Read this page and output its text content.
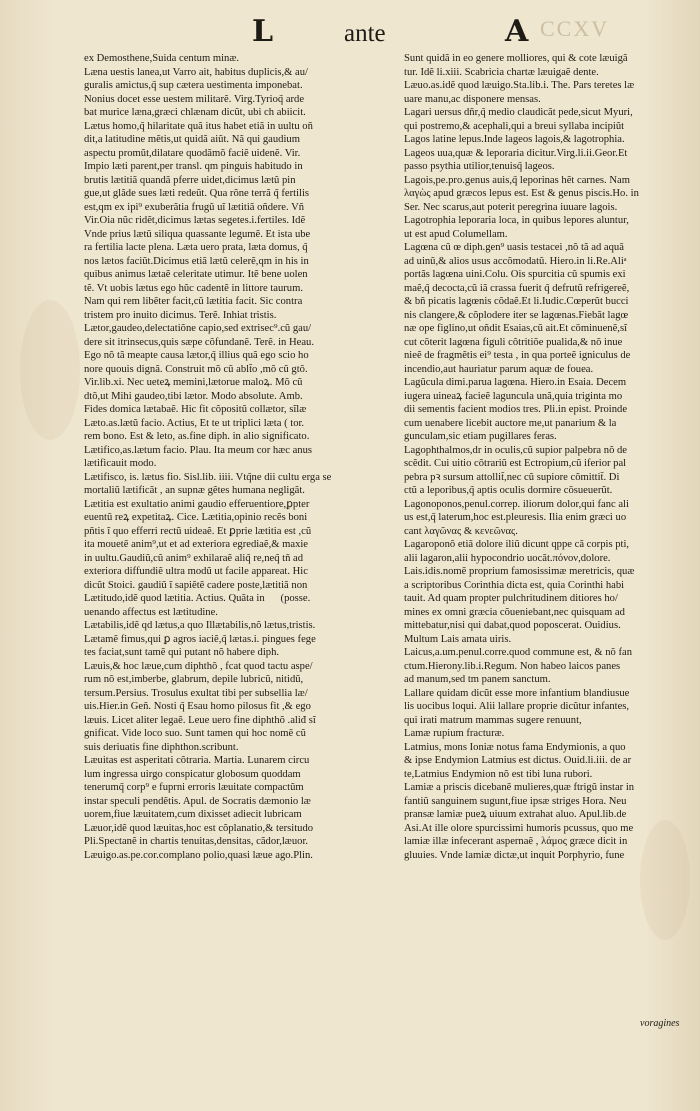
CCXV
L	ante	A
ex Demosthene,Suida centum minæ.
Læna uestis lanea,ut Varro ait, habitus duplicis,& au/
guralis amictus,q̃ sup cætera uestimenta imponebat.
Nonius docet esse uestem militarẽ. Virg.Tyrioq̃ arde
bat murice læna,græci chlænam dicũt, ubi ch abiicit.
Lætus homo,q̃ hilaritate quã itus habet etiã in uultu oñ
dit,a latitudine mẽtis,ut quidã aiũt. Nã qui gaudium
aspectu promũt,dilatare quodãmõ faciẽ uidenẽ. Vir.
Impio læti parent,per transl. qm pinguis habitudo in
brutis lætitiã quandã pferre uidet,dicimus lætũ pin
gue,ut glãde sues læti redeũt. Qua rõne terrã q̃ fertilis
est,qm ex ipi⁹ exuberãtia frugũ uĩ lætitiã oñdere. Vñ
Vir.Oia nũc ridẽt,dicimus lætas segetes.i.fertiles. Idẽ
Vnde prius lætũ siliqua quassante legumẽ. Et ista ube
ra fertilia lacte plena. Læta uero prata, læta domus, q̃
nos lætos faciũt.Dicimus etiã lætũ celerẽ,qm in his in
quibus animus lætaẽ celeritate utimur. Itẽ bene uolen
tẽ. Vt uobis lætus ego hũc cadentẽ in littore taurum.
Nam qui rem libẽter facit,cũ lætitia facit. Sic contra
tristem pro inuito dicimus. Terẽ. Inhiat tristis.
Lætor,gaudeo,delectatiõne capio,sed extrisec⁹.cũ gau/
dere sit itrinsecus,quis sæpe cõfundanẽ. Terẽ. in Heau.
Ego nõ tã meapte causa lætor,q̃ illius quã ego scio ho
nore quouis dignã. Construit mõ cũ ablt̃o ,mõ cũ gtõ.
Vir.lib.xi. Nec ueteꝝ memini,lætorue maloꝝ. Mõ cũ
dtõ,ut Mihi gaudeo,tibi lætor. Modo absolute. Amb.
Fides domica lætabaẽ. Hic fit cõpositũ collætor, sĩlæ
Læto.as.lætũ facio. Actius, Et te ut triplici læta ( tor.
rem bono. Est & leto, as.fine diph. in alio significato.
Lætifico,as.lætum facio. Plau. Ita meum cor hæc anus
lætificauit modo.
Lætifisco, is. lætus fio. Sisl.lib. iiii. Vtq̃ne dii cultu erga se
mortaliũ lætificãt , an supnæ gẽtes humana negligãt.
Lætitia est exultatio animi gaudio efferuentiore,ꝑpter
euentũ reꝝ expetitaꝝ. Cice. Lætitia,opinio recẽs boni
pñtis ĩ quo efferri rectũ uideaẽ. Et ꝑprie lætitia est ,cũ
ita mouetẽ anim⁹,ut et ad exteriora egrediaẽ,& maxie
in uultu.Gaudiũ,cũ anim⁹ exhilaraẽ aliq̃ re,neq̃ tñ ad
exteriora diffundiẽ ultra modũ ut facile appareat. Hic
dicũt Stoici. gaudiũ ĩ sapiẽtẽ cadere poste,lætitiã non
Lætitudo,idẽ quod lætitia. Actius. Quãta in      (posse.
uenando affectus est lætitudine.
Lætabilis,idẽ qd lætus,a quo Illætabilis,nõ lætus,tristis.
Lætamẽ fimus,qui ꝑ agros iaciẽ,q̃ lætas.i. pingues fege
tes faciat,sunt tamẽ qui putant nõ habere diph.
Læuis,& hoc læue,cum diphthõ , fcat quod tactu aspe/
rum nõ est,imberbe, glabrum, depile lubricũ, nitidũ,
tersum.Persius. Trosulus exultat tibi per subsellia læ/
uis.Hier.in Geñ. Nosti q̃ Esau homo pilosus fit ,& ego
læuis. Licet aliter legaẽ. Leue uero fine diphthõ .aliđ sĩ
gnificat. Vide loco suo. Sunt tamen qui hoc nomẽ cũ
suis deriuatis fine diphthon.scribunt.
Læuitas est asperitati cõtraria. Martia. Lunarem circu
lum ingressa uirgo conspicatur globosum quoddam
tenerumq̃ corp⁹ e fuprni erroris læuitate compactũm
instar speculi pendẽtis. Apul. de Socratis dæmonio læ
uorem,fiue læuitatem,cum dixisset adiecit lubricam
Læuor,idẽ quod læuitas,hoc est cõplanatio,& tersitudo
Pli.Spectanẽ in chartis tenuitas,densitas, cãdor,læuor.
Læuigo.as.pe.cor.complano polio,quasi læue ago.Plin.
Sunt quidã in eo genere molliores, qui & cote læuigã
tur. Idẽ li.xiii. Scabricia chartæ læuigaẽ dente.
Læuo.as.idẽ quod læuigo.Sta.lib.i. The. Pars teretes læ
uare manu,ac disponere mensas.
Lagari uersus dñr,q̃ medio claudicãt pede,sicut Myuri,
qui postremo,& acephali,qui a breui syllaba incipiũt
Lagos latine lepus.Inde lageos lagois,& lagotrophia.
Lageos uua,quæ & leporaria dicitur.Virg.li.ii.Geor.Et
passo psythia utilior,tenuisq̃ lageos.
Lagois,pe.pro.genus auis,q̃ leporinas hẽt carnes. Nam
λαγὼς apud græcos lepus est. Est & genus piscis.Ho. in
Ser. Nec scarus,aut poterit peregrina iuuare lagois.
Lagotrophia leporaria loca, in quibus lepores aluntur,
ut est apud Columellam.
Lagœna cũ œ diph.gen⁹ uasis testacei ,nõ tã ad aquã
ad uinũ,& alios usus accõmodatũ. Hiero.in li.Re.Aliᵃ
portãs lagœna uini.Colu. Ois spurcitia cũ spumis exi
maẽ,q̃ decocta,cũ iã crassa fuerit q̃ defrutũ refrigereẽ,
& bñ picatis lagœnis cõdaẽ.Et li.Iudic.Cœperũt bucci
nis clangere,& cõplodere iter se lagœnas.Fiebãt lagœ
næ ope figlino,ut oñdit Esaias,cũ ait.Et cõminuenẽ,sĩ
cut cõterit lagœna figuli cõtritiõe pualida,& nõ inue
nieẽ de fragmẽtis ei⁹ testa , in qua porteẽ igniculus de
incendio,aut hauriatur parum aquæ de fouea.
Lagũcula dimi.parua lagœna. Hiero.in Esaia. Decem
iugera uineaꝝ facieẽ laguncula unã,quia triginta mo
dii sementis facient modios tres. Pli.in epist. Proinde
cum uenabere licebit auctore me,ut panarium & la
gunculam,sic etiam pugillares feras.
Lagophthalmos,dr in oculis,cũ supior palpebra nõ de
scẽdit. Cui uitio cõtrariũ est Ectropium,cũ iferior pal
pebra pꝛ sursum attollit̃,nec cũ supiore cõmittit̃. Di
ctũ a leporibus,q̃ aptis oculis dormire cõsueuerũt.
Lagonoponos,penul.correp. iliorum dolor,qui fanc ali
us est,q̃ laterum,hoc est.pleuresis. Ilia enim græci uo
cant λαγῶνας & κενεῶνας.
Lagaroponõ etiã dolore iliũ dicunt qppe cã corpis pti,
alii lagaron,alii hypocondrio uocãt.πόνον,dolore.
Lais.idis.nomẽ proprium famosissimæ meretricis, quæ
a scriptoribus Corinthia dicta est, quia Corinthi habi
tauit. Ad quam propter pulchritudinem ditiores ho/
mines ex omni græcia cõueniebant,nec quisquam ad
mittebatur,nisi qui dabat,quod poposcerat. Ouidius.
Multum Lais amata uiris.
Laicus,a.um.penul.corre.quod commune est, & nõ fan
ctum.Hierony.lib.i.Regum. Non habeo laicos panes
ad manum,sed tm panem sanctum.
Lallare quidam dicũt esse more infantium blandiusue
lis uocibus loqui. Alii lallare proprie dicũtur infantes,
qui irati matrum mammas sugere renuunt,
Lamæ rupium fracturæ.
Latmius, mons Ioniæ notus fama Endymionis, a quo
& ipse Endymion Latmius est dictus. Ouid.li.iii. de ar
te,Latmius Endymion nõ est tibi luna rubori.
Lamiæ a priscis dicebanẽ mulieres,quæ ftrigũ instar in
fantiũ sanguinem sugunt,fiue ipsæ striges Hora. Neu
pransæ lamiæ pueꝝ uiuum extrahat aluo. Apul.lib.de
Asi.At ille olore spurcissimi humoris pcussus, quo me
lamiæ illæ infecerant aspernaẽ , λάμος græce dicit in
gluuies. Vnde lamiæ dictæ,ut inquit Porphyrio, fune
voragines
